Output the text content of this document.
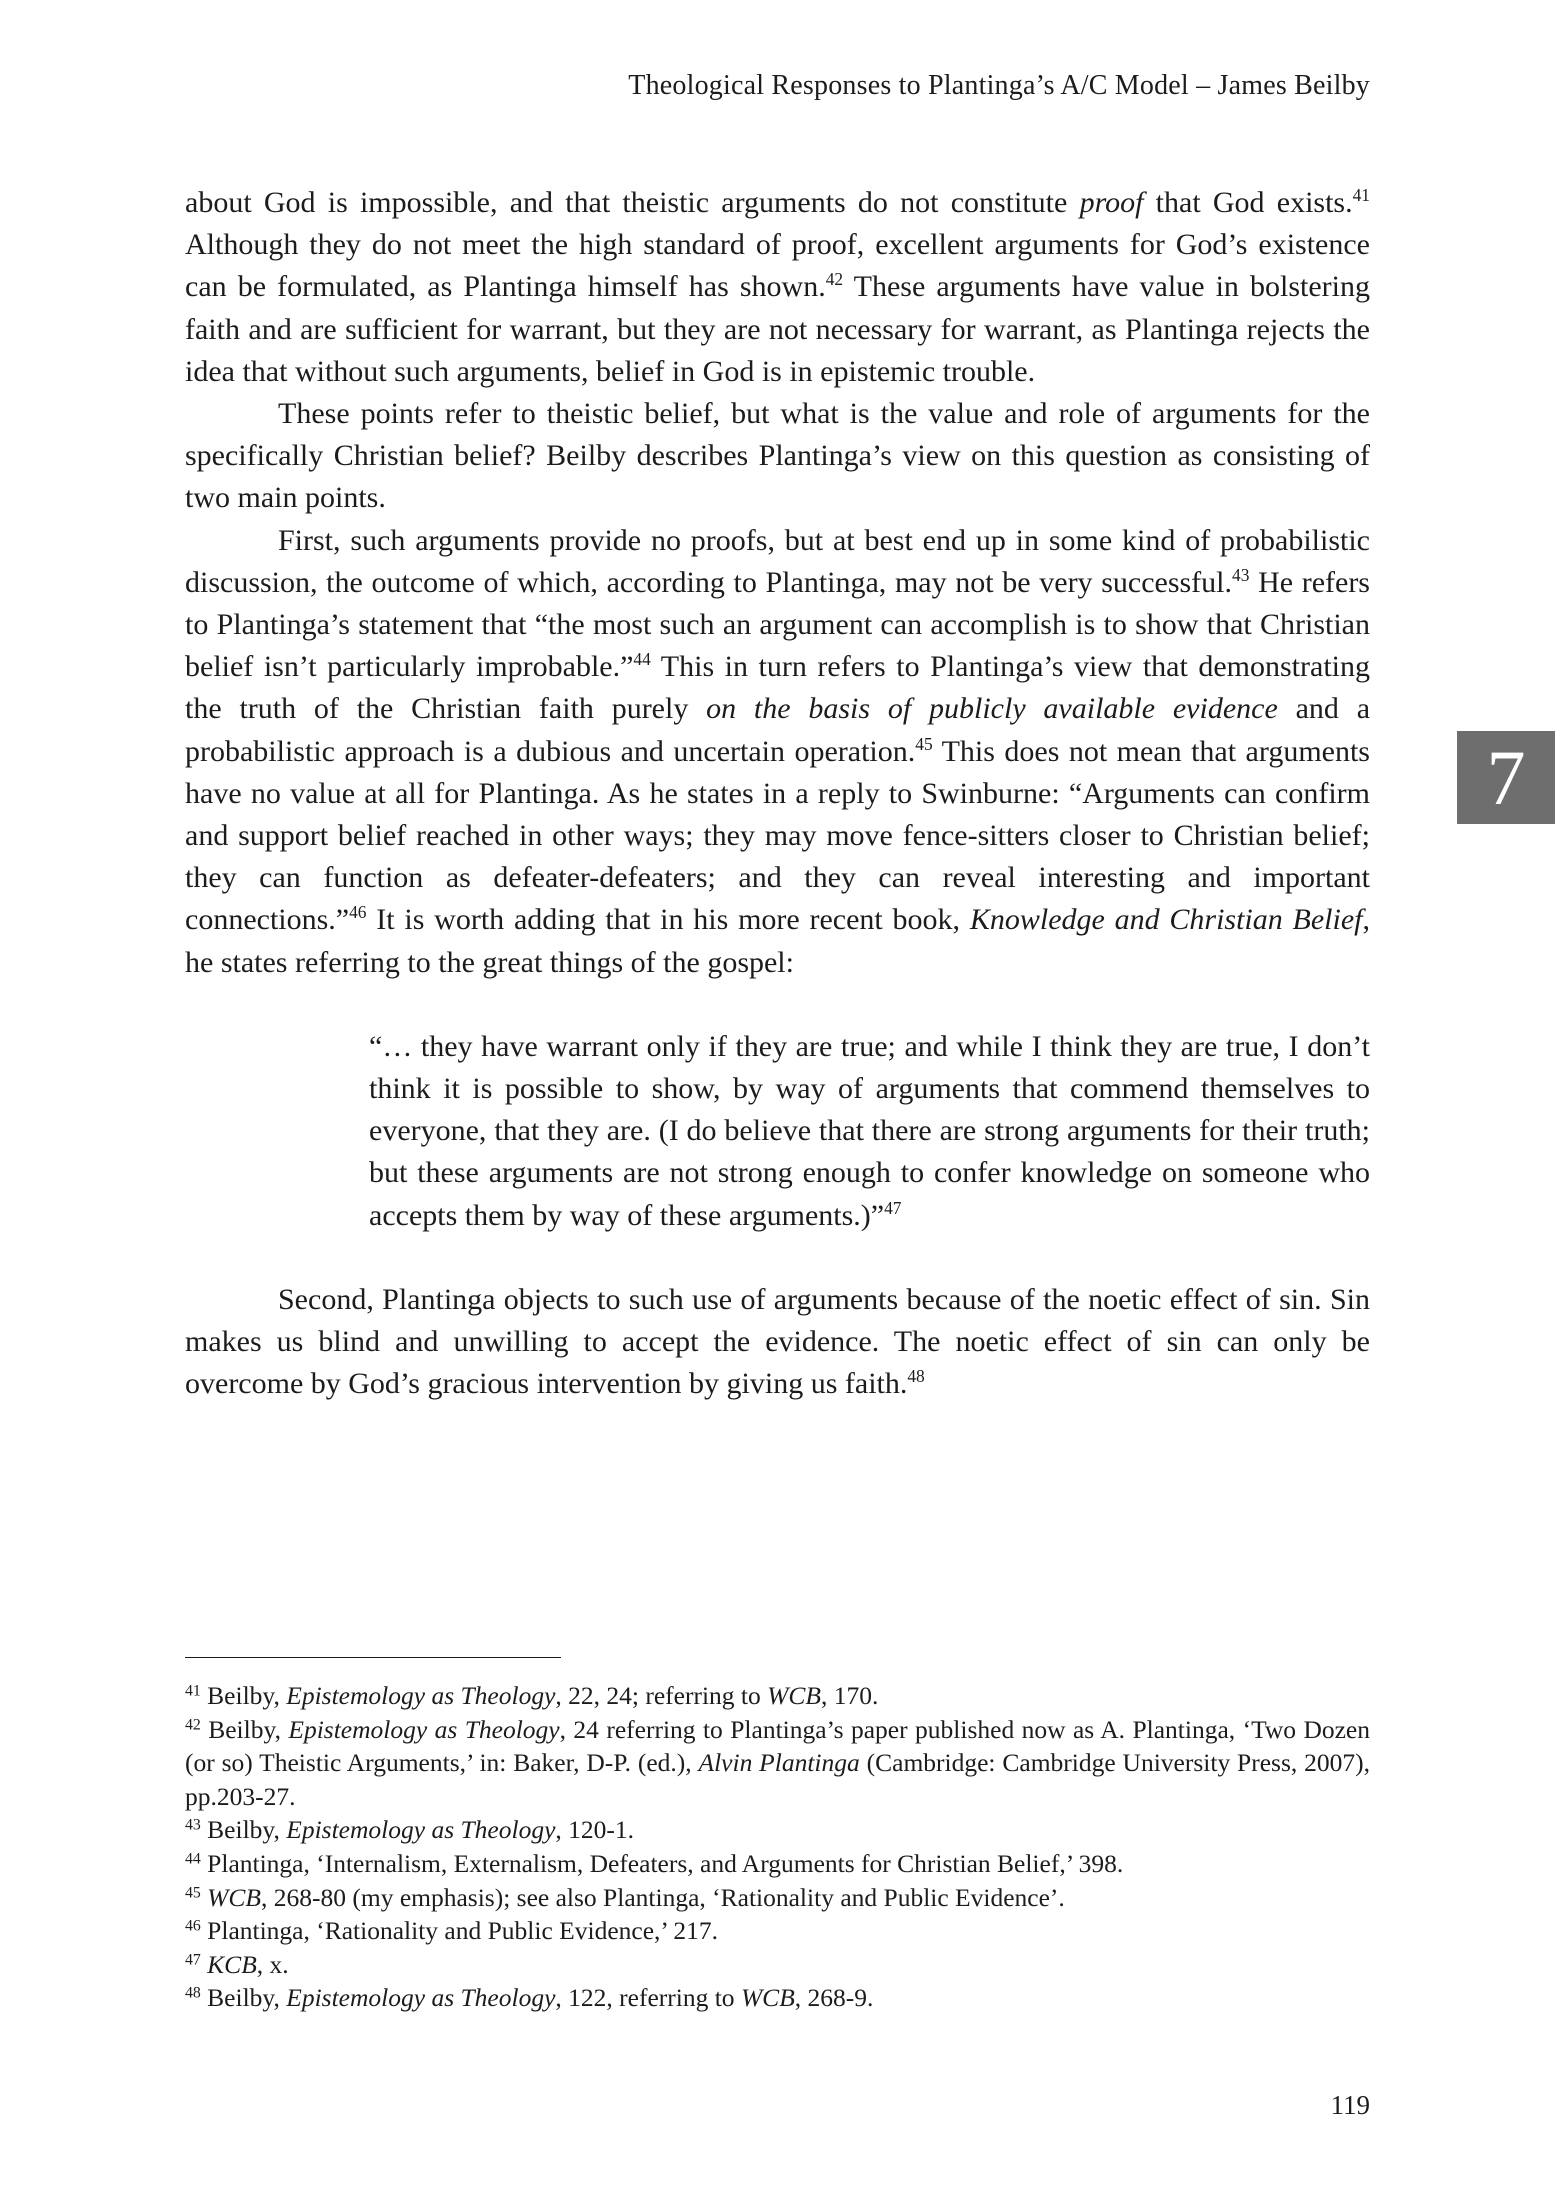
Theological Responses to Plantinga’s A/C Model – James Beilby

about God is impossible, and that theistic arguments do not constitute proof that God exists.$^{41}$ Although they do not meet the high standard of proof, excellent arguments for God’s existence can be formulated, as Plantinga himself has shown.$^{42}$ These arguments have value in bolstering faith and are sufficient for warrant, but they are not necessary for warrant, as Plantinga rejects the idea that without such arguments, belief in God is in epistemic trouble.

These points refer to theistic belief, but what is the value and role of arguments for the specifically Christian belief? Beilby describes Plantinga’s view on this question as consisting of two main points.

First, such arguments provide no proofs, but at best end up in some kind of probabilistic discussion, the outcome of which, according to Plantinga, may not be very successful.$^{43}$ He refers to Plantinga’s statement that “the most such an argument can accomplish is to show that Christian belief isn’t particularly improbable.”$^{44}$ This in turn refers to Plantinga’s view that demonstrating the truth of the Christian faith purely on the basis of publicly available evidence and a probabilistic approach is a dubious and uncertain operation.$^{45}$ This does not mean that arguments have no value at all for Plantinga. As he states in a reply to Swinburne: “Arguments can confirm and support belief reached in other ways; they may move fence-sitters closer to Christian belief; they can function as defeater-defeaters; and they can reveal interesting and important connections.”$^{46}$ It is worth adding that in his more recent book, Knowledge and Christian Belief, he states referring to the great things of the gospel:

“… they have warrant only if they are true; and while I think they are true, I don’t think it is possible to show, by way of arguments that commend themselves to everyone, that they are. (I do believe that there are strong arguments for their truth; but these arguments are not strong enough to confer knowledge on someone who accepts them by way of these arguments.)”$^{47}$

Second, Plantinga objects to such use of arguments because of the noetic effect of sin. Sin makes us blind and unwilling to accept the evidence. The noetic effect of sin can only be overcome by God’s gracious intervention by giving us faith.$^{48}$

$^{41}$ Beilby, Epistemology as Theology, 22, 24; referring to WCB, 170.

$^{42}$ Beilby, Epistemology as Theology, 24 referring to Plantinga’s paper published now as A. Plantinga, ‘Two Dozen (or so) Theistic Arguments,’ in: Baker, D-P. (ed.), Alvin Plantinga (Cambridge: Cambridge University Press, 2007), pp.203-27.

$^{43}$ Beilby, Epistemology as Theology, 120-1.

$^{44}$ Plantinga, ‘Internalism, Externalism, Defeaters, and Arguments for Christian Belief,’ 398.

$^{45}$ WCB, 268-80 (my emphasis); see also Plantinga, ‘Rationality and Public Evidence’.

$^{46}$ Plantinga, ‘Rationality and Public Evidence,’ 217.

$^{47}$ KCB, x.

$^{48}$ Beilby, Epistemology as Theology, 122, referring to WCB, 268-9.

7
119
